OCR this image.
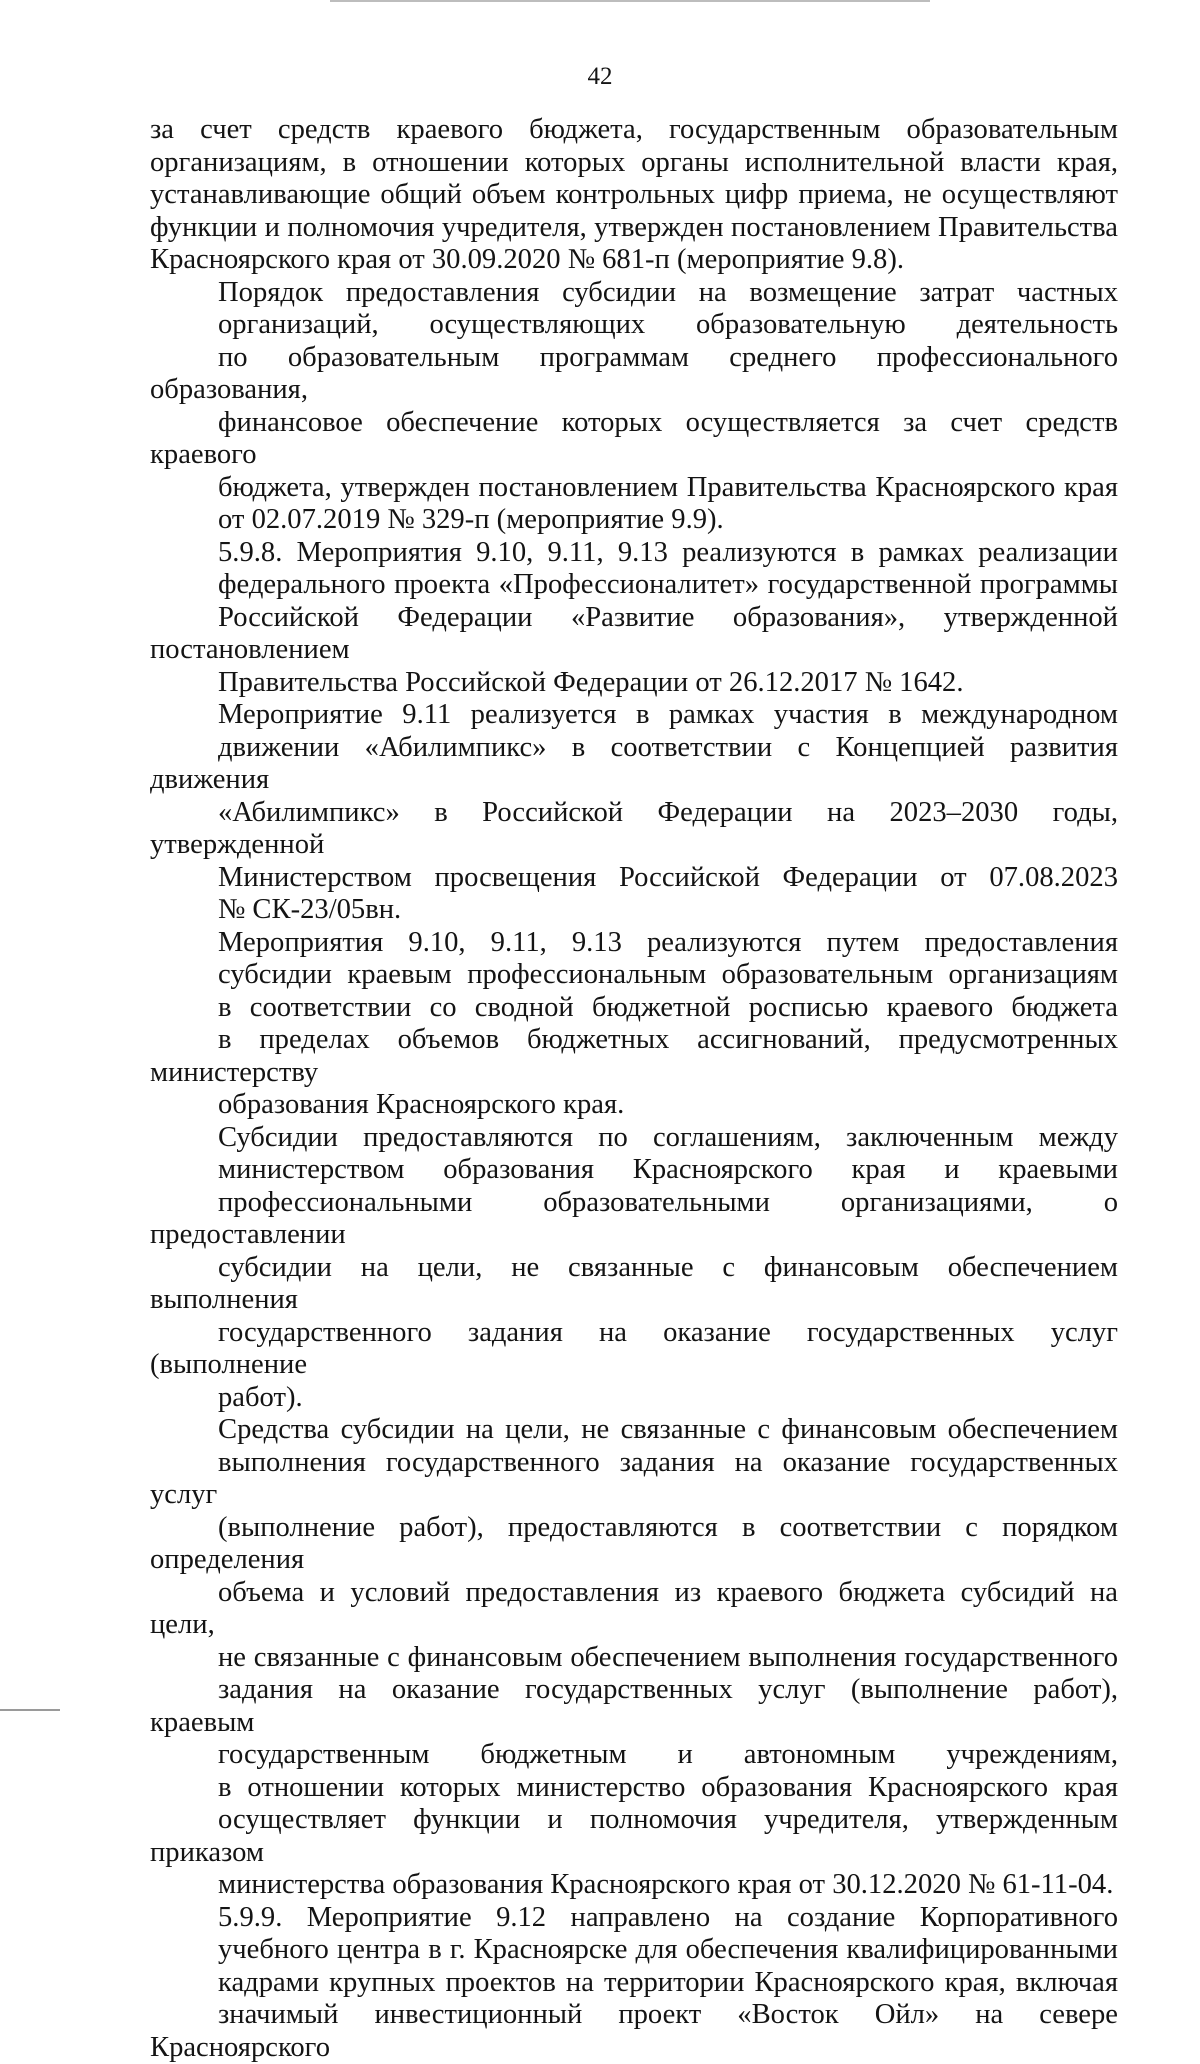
42

за счет средств краевого бюджета, государственным образовательным
организациям, в отношении которых органы исполнительной власти края,
устанавливающие общий объем контрольных цифр приема, не осуществляют
функции и полномочия учредителя, утвержден постановлением Правительства
Красноярского края от 30.09.2020 № 681-п (мероприятие 9.8).

Порядок предоставления субсидии на возмещение затрат частных
организаций, осуществляющих образовательную деятельность
по образовательным программам среднего профессионального образования,
финансовое обеспечение которых осуществляется за счет средств краевого
бюджета, утвержден постановлением Правительства Красноярского края
от 02.07.2019 № 329-п (мероприятие 9.9).

5.9.8. Мероприятия 9.10, 9.11, 9.13 реализуются в рамках реализации
федерального проекта «Профессионалитет» государственной программы
Российской Федерации «Развитие образования», утвержденной постановлением
Правительства Российской Федерации от 26.12.2017 № 1642.

Мероприятие 9.11 реализуется в рамках участия в международном
движении «Абилимпикс» в соответствии с Концепцией развития движения
«Абилимпикс» в Российской Федерации на 2023–2030 годы, утвержденной
Министерством просвещения Российской Федерации от 07.08.2023
№ СК-23/05вн.

Мероприятия 9.10, 9.11, 9.13 реализуются путем предоставления
субсидии краевым профессиональным образовательным организациям
в соответствии со сводной бюджетной росписью краевого бюджета
в пределах объемов бюджетных ассигнований, предусмотренных министерству
образования Красноярского края.

Субсидии предоставляются по соглашениям, заключенным между
министерством образования Красноярского края и краевыми
профессиональными образовательными организациями, о предоставлении
субсидии на цели, не связанные с финансовым обеспечением выполнения
государственного задания на оказание государственных услуг (выполнение
работ).

Средства субсидии на цели, не связанные с финансовым обеспечением
выполнения государственного задания на оказание государственных услуг
(выполнение работ), предоставляются в соответствии с порядком определения
объема и условий предоставления из краевого бюджета субсидий на цели,
не связанные с финансовым обеспечением выполнения государственного
задания на оказание государственных услуг (выполнение работ), краевым
государственным бюджетным и автономным учреждениям,
в отношении которых министерство образования Красноярского края
осуществляет функции и полномочия учредителя, утвержденным приказом
министерства образования Красноярского края от 30.12.2020 № 61-11-04.

5.9.9. Мероприятие 9.12 направлено на создание Корпоративного
учебного центра в г. Красноярске для обеспечения квалифицированными
кадрами крупных проектов на территории Красноярского края, включая
значимый инвестиционный проект «Восток Ойл» на севере Красноярского
